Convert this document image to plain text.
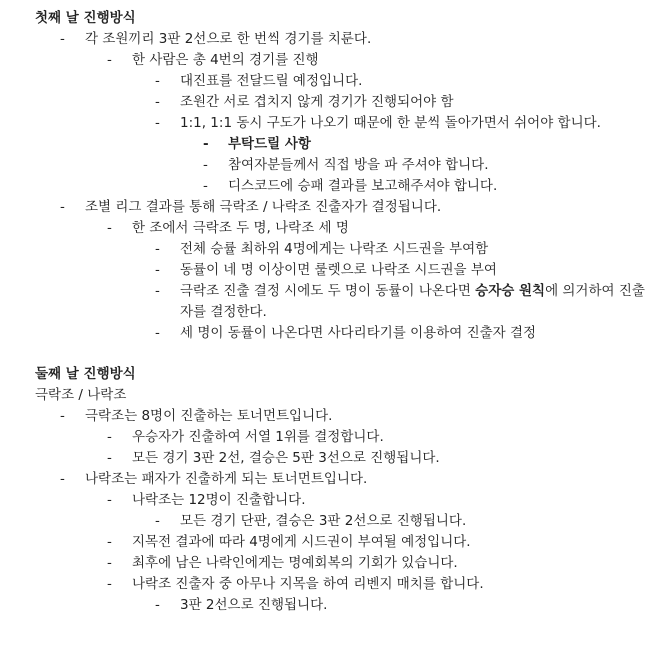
첫째 날 진행방식
- 각 조원끼리 3판 2선으로 한 번씩 경기를 치룬다.
- 한 사람은 총 4번의 경기를 진행
- 대진표를 전달드릴 예정입니다.
- 조원간 서로 겹치지 않게 경기가 진행되어야 함
- 1:1, 1:1 동시 구도가 나오기 때문에 한 분씩 돌아가면서 쉬어야 합니다.
- 부탁드릴 사항
- 참여자분들께서 직접 방을 파 주셔야 합니다.
- 디스코드에 승패 결과를 보고해주셔야 합니다.
- 조별 리그 결과를 통해 극락조 / 나락조 진출자가 결정됩니다.
- 한 조에서 극락조 두 명, 나락조 세 명
- 전체 승률 최하위 4명에게는 나락조 시드권을 부여함
- 동률이 네 명 이상이면 룰렛으로 나락조 시드권을 부여
- 극락조 진출 결정 시에도 두 명이 동률이 나온다면 승자승 원칙에 의거하여 진출자를 결정한다.
- 세 명이 동률이 나온다면 사다리타기를 이용하여 진출자 결정
둘째 날 진행방식
극락조 / 나락조
- 극락조는 8명이 진출하는 토너먼트입니다.
- 우승자가 진출하여 서열 1위를 결정합니다.
- 모든 경기 3판 2선, 결승은 5판 3선으로 진행됩니다.
- 나락조는 패자가 진출하게 되는 토너먼트입니다.
- 나락조는 12명이 진출합니다.
- 모든 경기 단판, 결승은 3판 2선으로 진행됩니다.
- 지목전 결과에 따라 4명에게 시드권이 부여될 예정입니다.
- 최후에 남은 나락인에게는 명예회복의 기회가 있습니다.
- 나락조 진출자 중 아무나 지목을 하여 리벤지 매치를 합니다.
- 3판 2선으로 진행됩니다.
